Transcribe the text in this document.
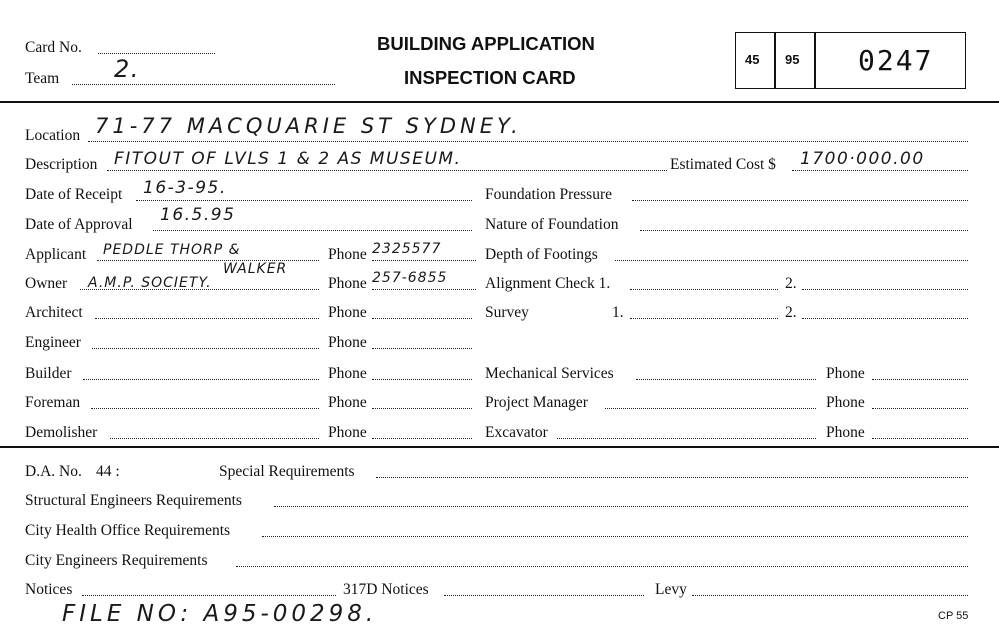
Card No.
Team 2.
BUILDING APPLICATION
INSPECTION CARD
45 95 0247
Location 71-77 MACQUARIE ST SYDNEY.
Description FITOUT OF LVLS 1 & 2 AS MUSEUM.	Estimated Cost $ 1700·000.00
Date of Receipt 16-3-95.	Foundation Pressure
Date of Approval 16.5.95	Nature of Foundation
Applicant PEDDLE THORP &
WALKER
Phone 2325577	Depth of Footings
Owner A.M.P. SOCIETY.	Phone 257-6855 Alignment Check 1.	2.
Architect	Phone	Survey	1.	2.
Engineer	Phone
Builder	Phone	Mechanical Services	Phone
Foreman	Phone	Project Manager	Phone
Demolisher	Phone	Excavator	Phone
D.A. No. 44 :	Special Requirements
Structural Engineers Requirements
City Health Office Requirements
City Engineers Requirements
Notices	317D Notices	Levy
FILE NO: A95-00298.	CP 55
